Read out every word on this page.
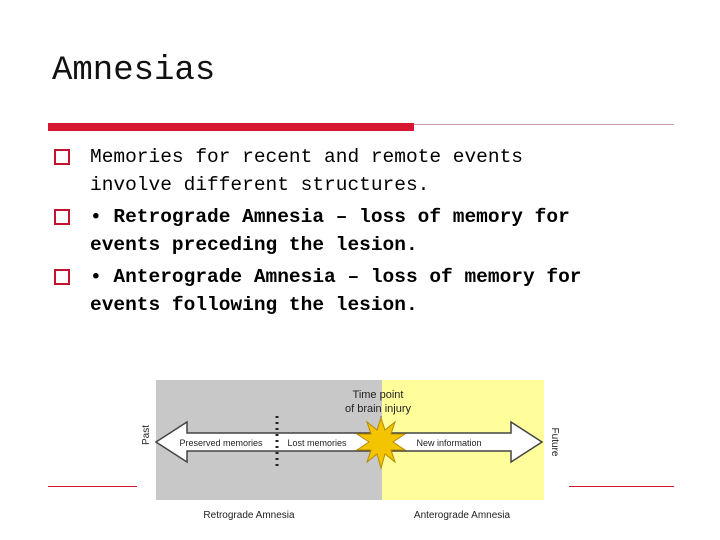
Amnesias
Memories for recent and remote events
involve different structures.
• Retrograde Amnesia – loss of memory for
events preceding the lesion.
• Anterograde Amnesia – loss of memory for
events following the lesion.
Past	Future
Time point
of brain injury
Preserved memories	Lost memories	New information
Retrograde Amnesia	Anterograde Amnesia
